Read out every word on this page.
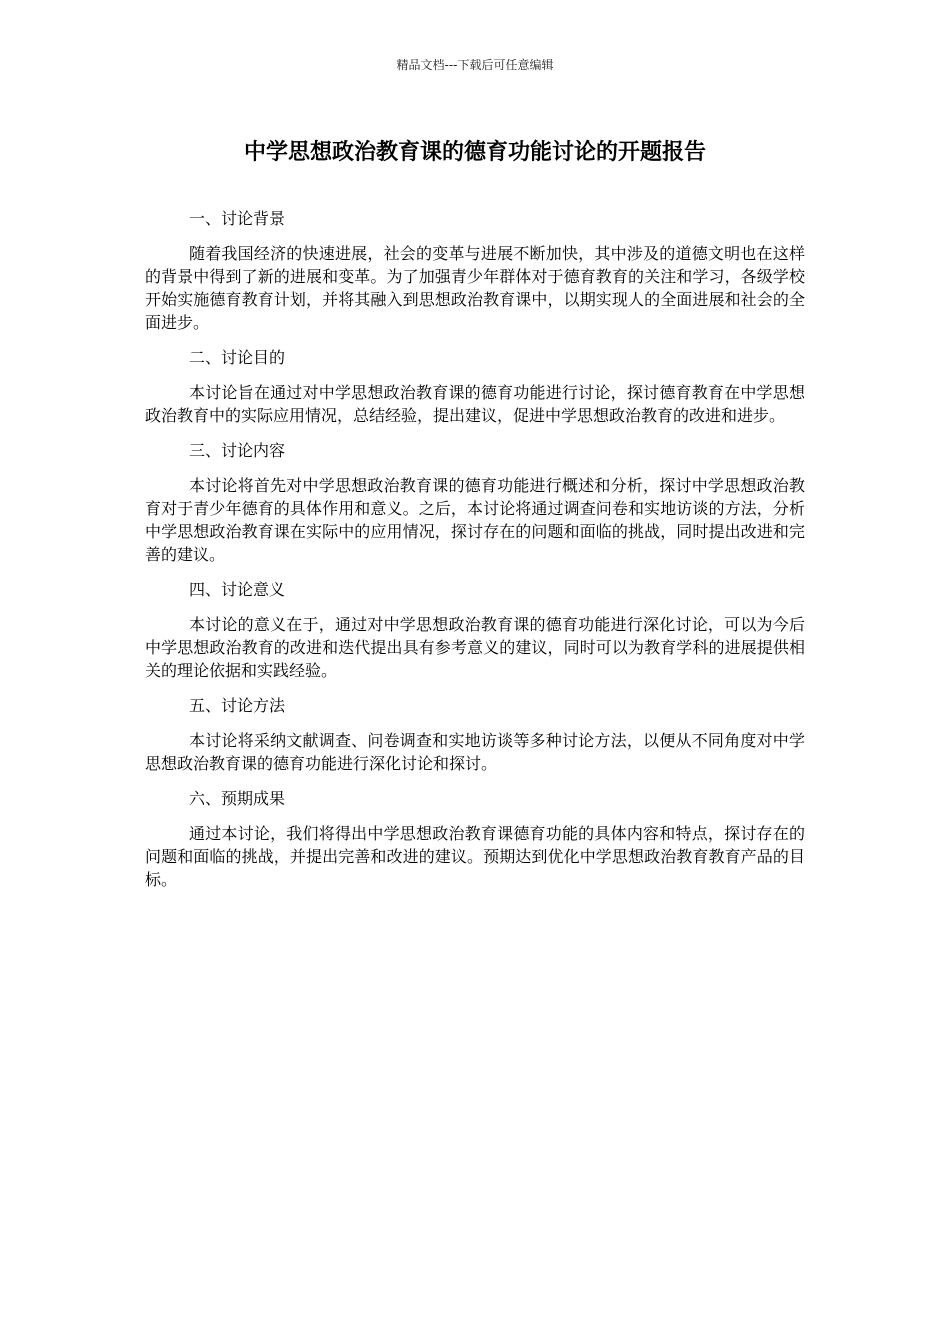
精品文档---下载后可任意编辑
中学思想政治教育课的德育功能讨论的开题报告

一、讨论背景

随着我国经济的快速进展，社会的变革与进展不断加快，其中涉及的道德文明也在这样的背景中得到了新的进展和变革。为了加强青少年群体对于德育教育的关注和学习，各级学校开始实施德育教育计划，并将其融入到思想政治教育课中，以期实现人的全面进展和社会的全面进步。

二、讨论目的

本讨论旨在通过对中学思想政治教育课的德育功能进行讨论，探讨德育教育在中学思想政治教育中的实际应用情况，总结经验，提出建议，促进中学思想政治教育的改进和进步。

三、讨论内容

本讨论将首先对中学思想政治教育课的德育功能进行概述和分析，探讨中学思想政治教育对于青少年德育的具体作用和意义。之后，本讨论将通过调查问卷和实地访谈的方法，分析中学思想政治教育课在实际中的应用情况，探讨存在的问题和面临的挑战，同时提出改进和完善的建议。

四、讨论意义

本讨论的意义在于，通过对中学思想政治教育课的德育功能进行深化讨论，可以为今后中学思想政治教育的改进和迭代提出具有参考意义的建议，同时可以为教育学科的进展提供相关的理论依据和实践经验。

五、讨论方法

本讨论将采纳文献调查、问卷调查和实地访谈等多种讨论方法，以便从不同角度对中学思想政治教育课的德育功能进行深化讨论和探讨。

六、预期成果

通过本讨论，我们将得出中学思想政治教育课德育功能的具体内容和特点，探讨存在的问题和面临的挑战，并提出完善和改进的建议。预期达到优化中学思想政治教育教育产品的目标。
